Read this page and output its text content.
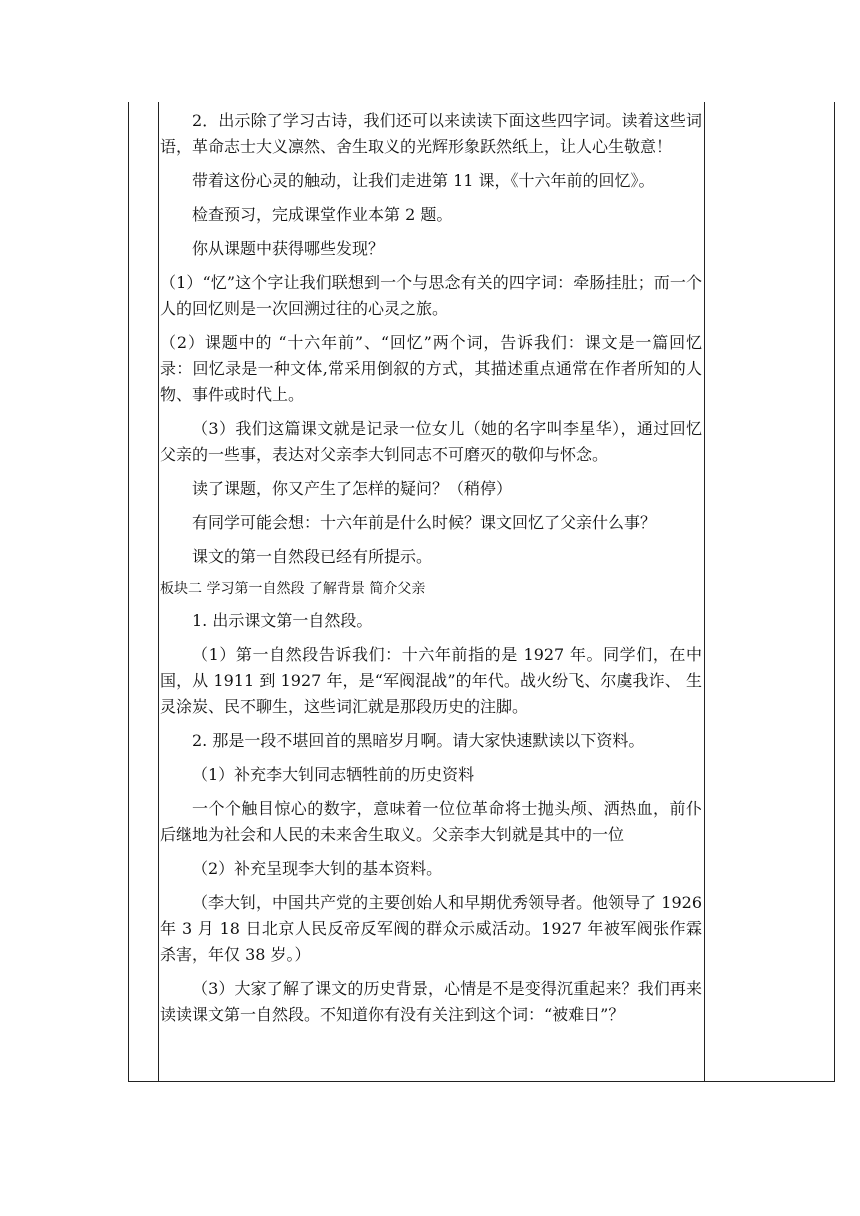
2．出示除了学习古诗，我们还可以来读读下面这些四字词。读着这些词语，革命志士大义凛然、舍生取义的光辉形象跃然纸上，让人心生敬意！

带着这份心灵的触动，让我们走进第 11 课，《十六年前的回忆》。

检查预习，完成课堂作业本第 2 题。

你从课题中获得哪些发现？

（1）“忆”这个字让我们联想到一个与思念有关的四字词：牵肠挂肚；而一个人的回忆则是一次回溯过往的心灵之旅。

（2）课题中的 “十六年前”、“回忆”两个词，告诉我们：课文是一篇回忆录：回忆录是一种文体,常采用倒叙的方式，其描述重点通常在作者所知的人物、事件或时代上。

（3）我们这篇课文就是记录一位女儿（她的名字叫李星华），通过回忆父亲的一些事，表达对父亲李大钊同志不可磨灭的敬仰与怀念。

读了课题，你又产生了怎样的疑问？（稍停）

有同学可能会想：十六年前是什么时候？课文回忆了父亲什么事？

课文的第一自然段已经有所提示。

板块二 学习第一自然段 了解背景 简介父亲

1. 出示课文第一自然段。

（1）第一自然段告诉我们：十六年前指的是 1927 年。同学们，在中国，从 1911 到 1927 年，是“军阀混战”的年代。战火纷飞、尔虞我诈、 生灵涂炭、民不聊生，这些词汇就是那段历史的注脚。

2. 那是一段不堪回首的黑暗岁月啊。请大家快速默读以下资料。

（1）补充李大钊同志牺牲前的历史资料

一个个触目惊心的数字，意味着一位位革命将士抛头颅、洒热血，前仆后继地为社会和人民的未来舍生取义。父亲李大钊就是其中的一位

（2）补充呈现李大钊的基本资料。

（李大钊，中国共产党的主要创始人和早期优秀领导者。他领导了 1926 年 3 月 18 日北京人民反帝反军阀的群众示威活动。1927 年被军阀张作霖杀害，年仅 38 岁。）

（3）大家了解了课文的历史背景，心情是不是变得沉重起来？我们再来读读课文第一自然段。不知道你有没有关注到这个词：“被难日”？
